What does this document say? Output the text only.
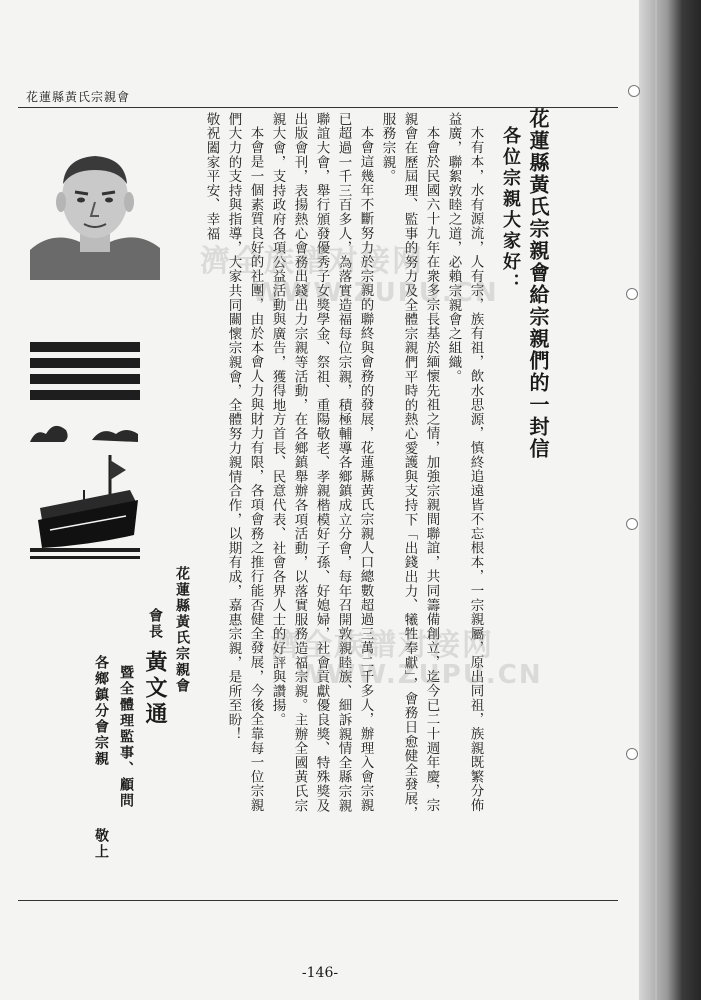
花蓮縣黃氏宗親會
花蓮縣黃氏宗親會給宗親們的一封信
各位宗親大家好：
木有本，水有源流，人有宗，族有祖，飲水思源，慎終追遠皆不忘根本，一宗親屬，原出同祖，族親既繁分佈
益廣，聯絮敦睦之道，必賴宗親會之組織。
本會於民國六十九年在衆多宗長基於緬懷先祖之情，加強宗親間聯誼，共同籌備創立，迄今已二十週年慶，宗
親會在歷屆理、監事的努力及全體宗親們平時的熱心愛護與支持下「出錢出力、犧牲奉獻」，會務日愈健全發展，
服務宗親。
本會這幾年不斷努力於宗親的聯終與會務的發展，花蓮縣黃氏宗親人口總數超過三萬二千多人，辦理入會宗親
已超過一千三百多人，為落實造福每位宗親，積極輔導各鄉鎮成立分會，每年召開敦親睦族、細訴親情全縣宗親
聯誼大會，舉行頒發優秀子女獎學金、祭祖、重陽敬老、孝親楷模好子孫、好媳婦，社會貢獻優良獎、特殊獎及
出版會刊，表揚熱心會務出錢出力宗親等活動，在各鄉鎮舉辦各項活動，以落實服務造福宗親。主辦全國黃氏宗
親大會，支持政府各項公益活動與廣告，獲得地方首長、民意代表、社會各界人士的好評與讚揚。
本會是一個素質良好的社團，由於本會人力與財力有限，各項會務之推行能否健全發展，今後全靠每一位宗親
們大力的支持與指導，大家共同關懷宗親會，全體努力親情合作，以期有成，嘉惠宗親，是所至盼！
敬祝闔家平安、幸福
花蓮縣黃氏宗親會
會長
黃文通
暨全體理監事、顧問
各鄉鎮分會宗親
敬上
濟全族譜对接网
WWW.ZUPU.CN
濟全族譜对接网
WWW.ZUPU.CN
-146-
